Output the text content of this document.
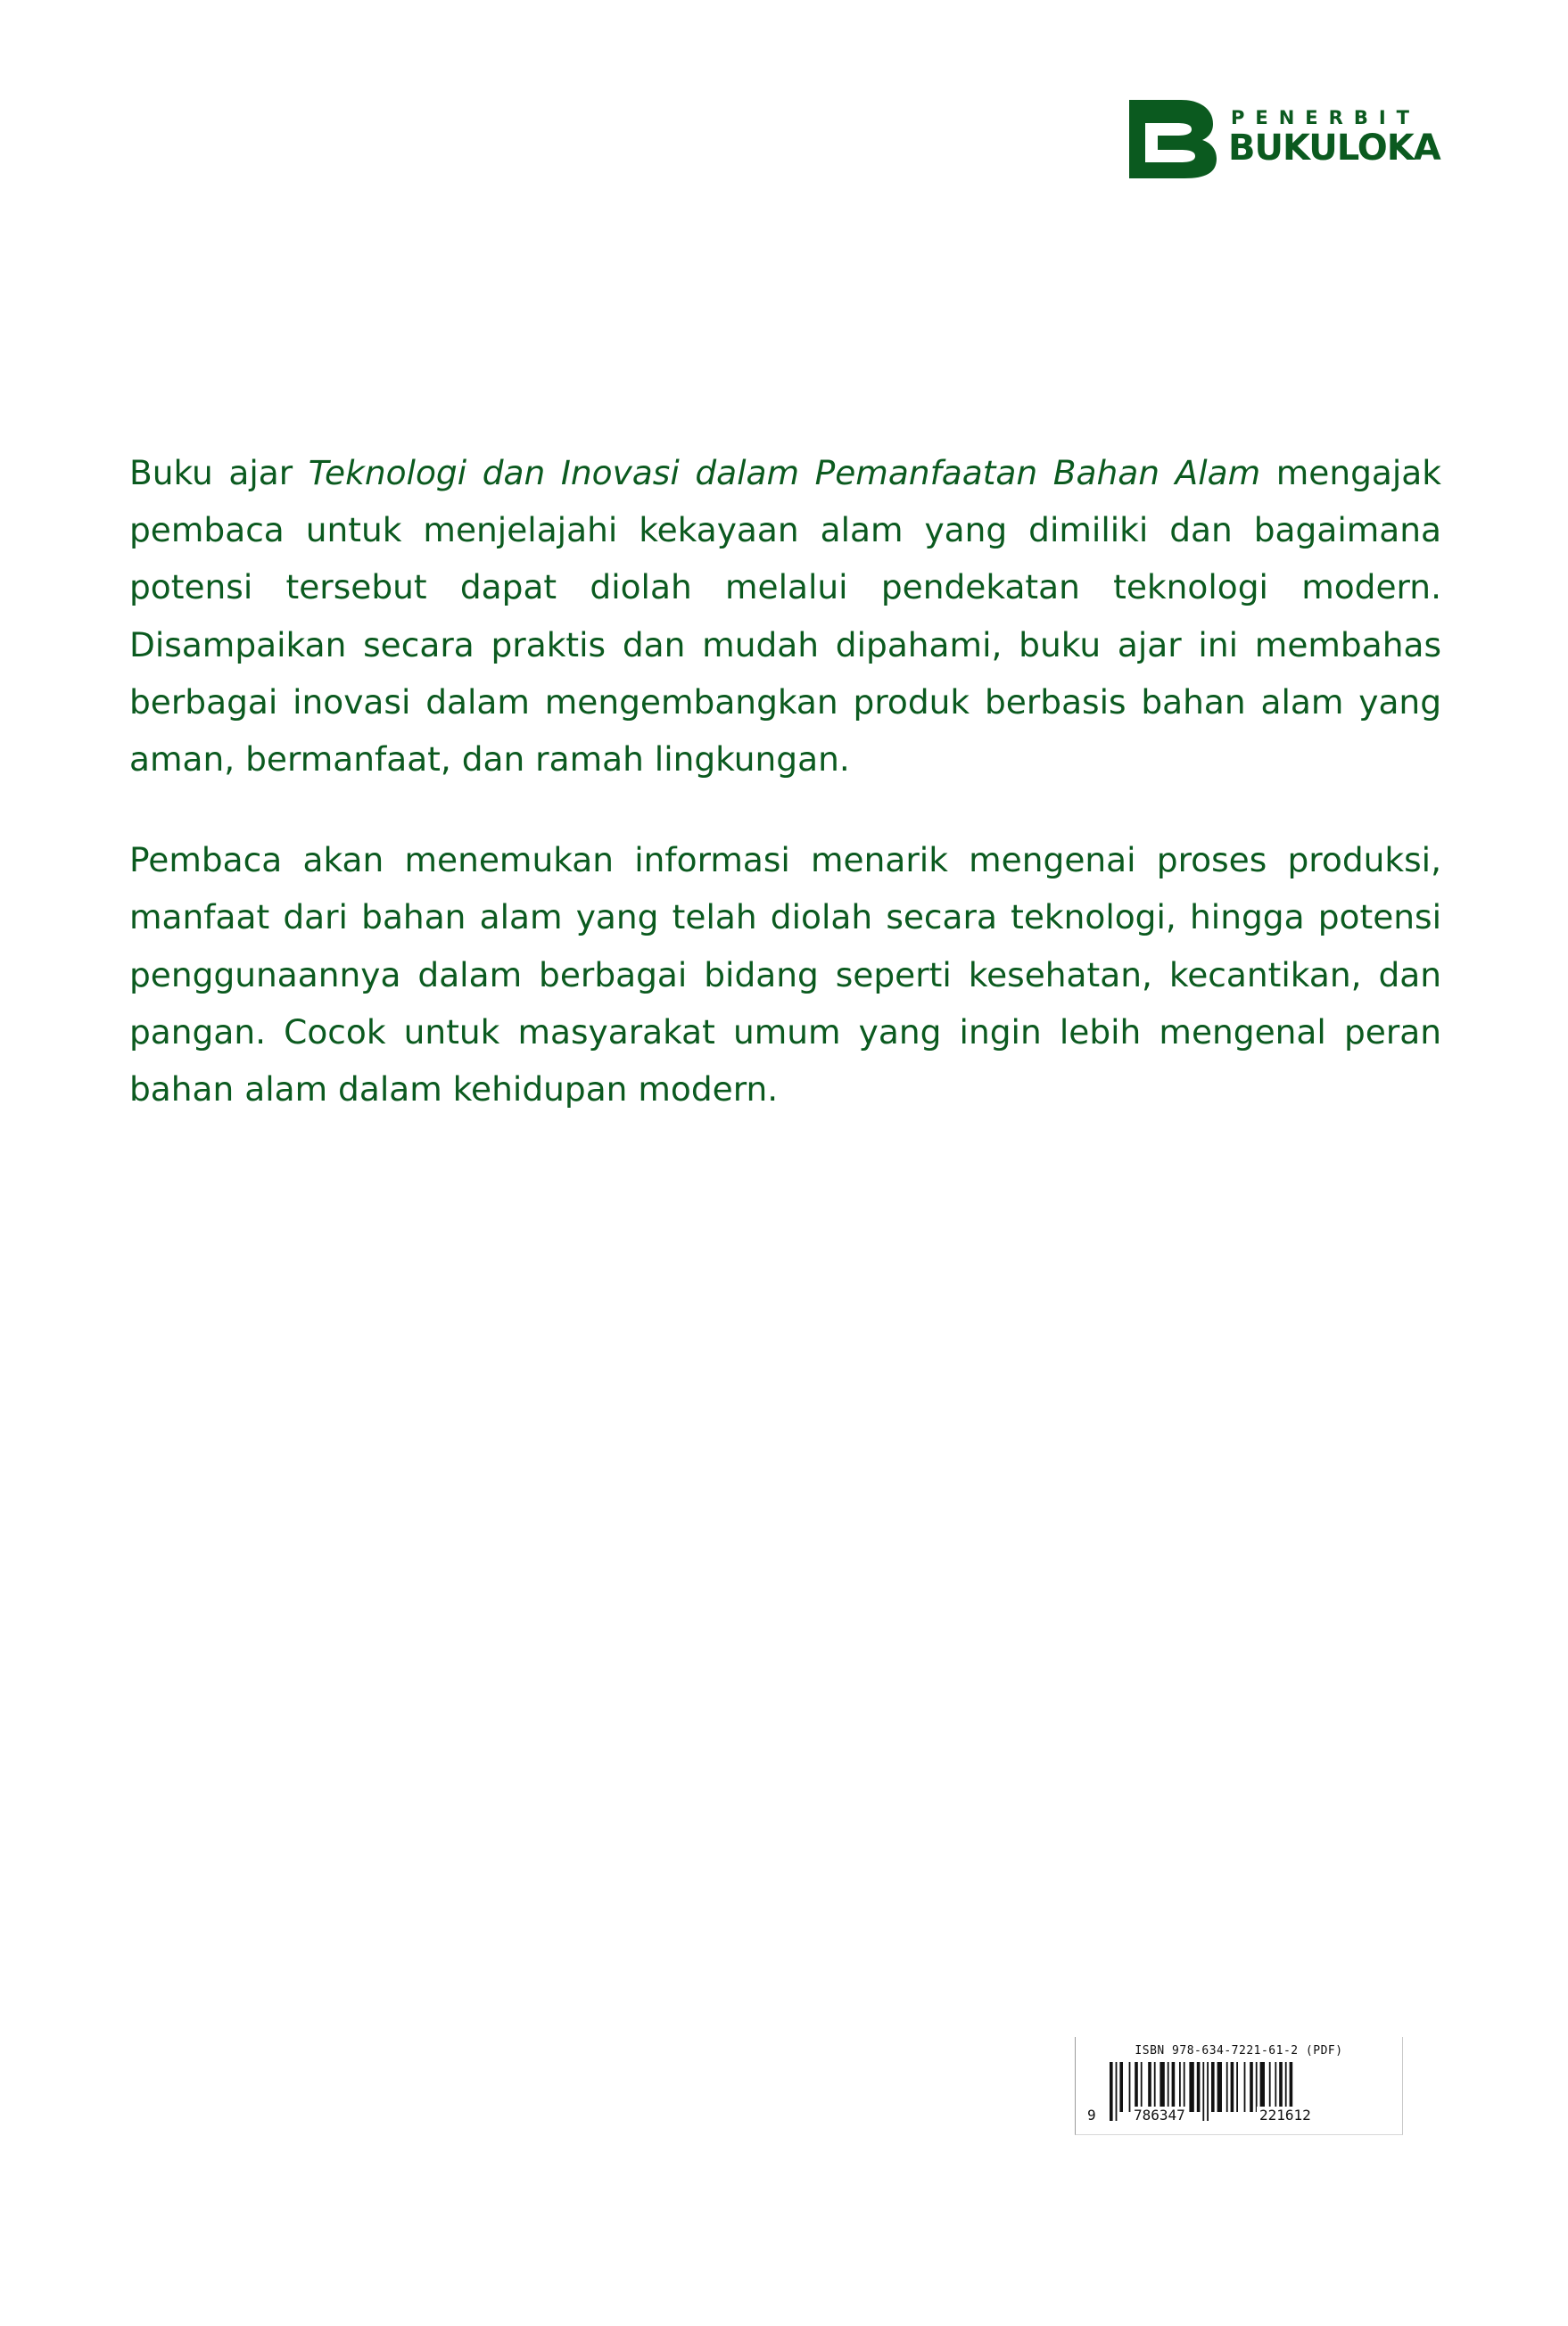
PENERBIT
BUKULOKA

Buku ajar Teknologi dan Inovasi dalam Pemanfaatan Bahan Alam mengajak pembaca untuk menjelajahi kekayaan alam yang dimiliki dan bagaimana potensi tersebut dapat diolah melalui pendekatan teknologi modern. Disampaikan secara praktis dan mudah dipahami, buku ajar ini membahas berbagai inovasi dalam mengembangkan produk berbasis bahan alam yang aman, bermanfaat, dan ramah lingkungan.

Pembaca akan menemukan informasi menarik mengenai proses produksi, manfaat dari bahan alam yang telah diolah secara teknologi, hingga potensi penggunaannya dalam berbagai bidang seperti kesehatan, kecantikan, dan pangan. Cocok untuk masyarakat umum yang ingin lebih mengenal peran bahan alam dalam kehidupan modern.

ISBN 978-634-7221-61-2 (PDF)
9	786347	221612
